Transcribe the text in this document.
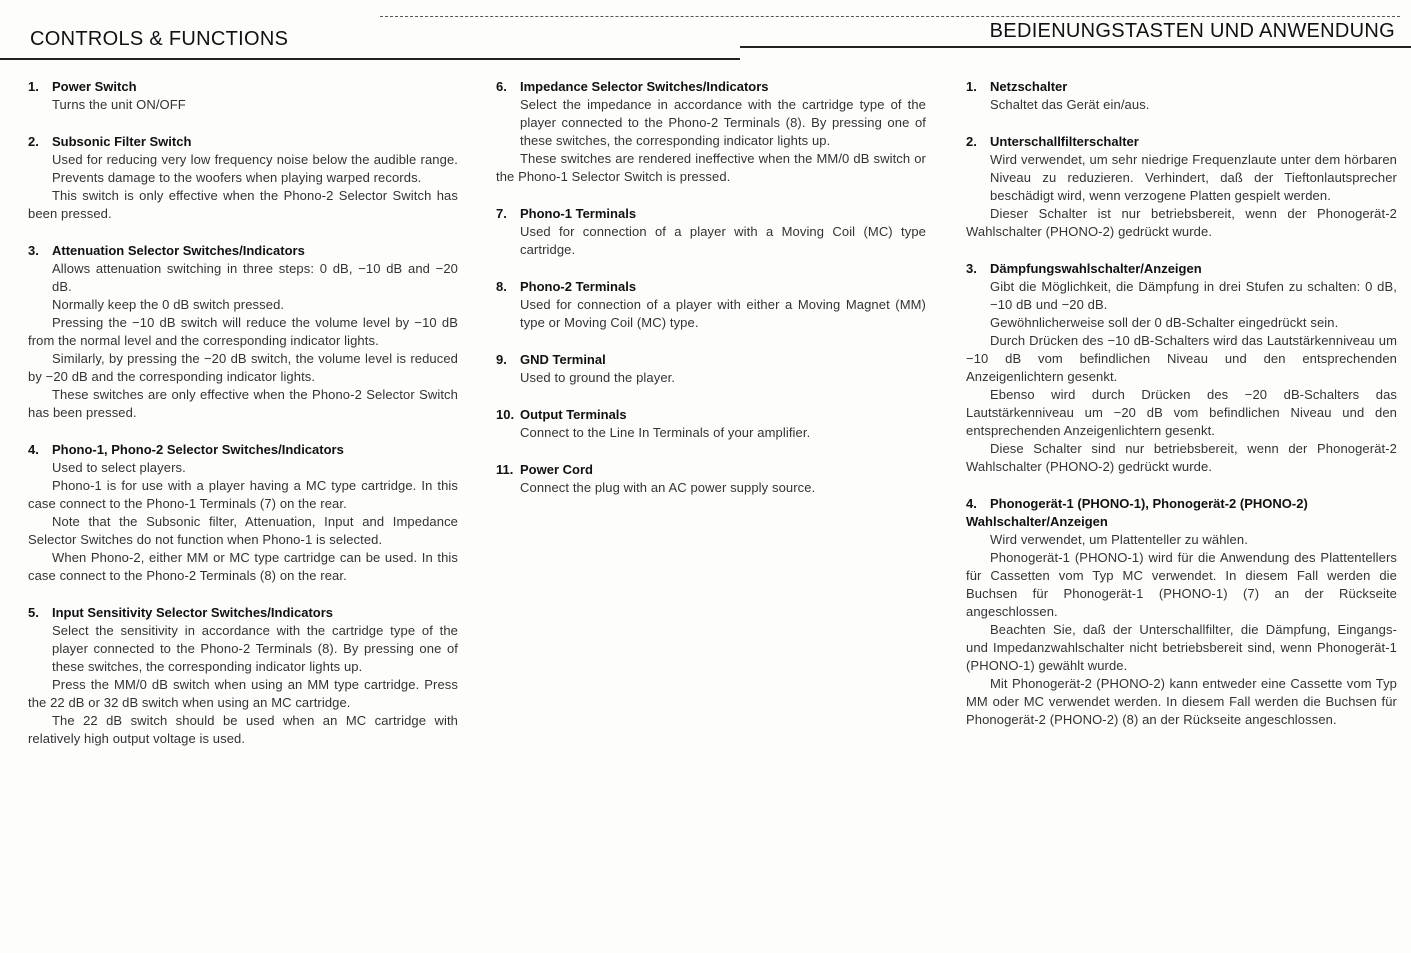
CONTROLS & FUNCTIONS	BEDIENUNGSTASTEN UND ANWENDUNG

1. Power Switch

Turns the unit ON/OFF

2. Subsonic Filter Switch

Used for reducing very low frequency noise below the audible range. Prevents damage to the woofers when playing warped records.

This switch is only effective when the Phono-2 Selector Switch has been pressed.

3. Attenuation Selector Switches/Indicators

Allows attenuation switching in three steps: 0 dB, −10 dB and −20 dB.

Normally keep the 0 dB switch pressed.

Pressing the −10 dB switch will reduce the volume level by −10 dB from the normal level and the corresponding indicator lights.

Similarly, by pressing the −20 dB switch, the volume level is reduced by −20 dB and the corresponding indicator lights.

These switches are only effective when the Phono-2 Selector Switch has been pressed.

4. Phono-1, Phono-2 Selector Switches/Indicators

Used to select players.

Phono-1 is for use with a player having a MC type cartridge. In this case connect to the Phono-1 Terminals (7) on the rear.

Note that the Subsonic filter, Attenuation, Input and Impedance Selector Switches do not function when Phono-1 is selected.

When Phono-2, either MM or MC type cartridge can be used. In this case connect to the Phono-2 Terminals (8) on the rear.

5. Input Sensitivity Selector Switches/Indicators

Select the sensitivity in accordance with the cartridge type of the player connected to the Phono-2 Terminals (8). By pressing one of these switches, the corresponding indicator lights up.

Press the MM/0 dB switch when using an MM type cartridge. Press the 22 dB or 32 dB switch when using an MC cartridge.

The 22 dB switch should be used when an MC cartridge with relatively high output voltage is used.

6. Impedance Selector Switches/Indicators

Select the impedance in accordance with the cartridge type of the player connected to the Phono-2 Terminals (8). By pressing one of these switches, the corresponding indicator lights up.

These switches are rendered ineffective when the MM/0 dB switch or the Phono-1 Selector Switch is pressed.

7. Phono-1 Terminals

Used for connection of a player with a Moving Coil (MC) type cartridge.

8. Phono-2 Terminals

Used for connection of a player with either a Moving Magnet (MM) type or Moving Coil (MC) type.

9. GND Terminal

Used to ground the player.

10. Output Terminals

Connect to the Line In Terminals of your amplifier.

11. Power Cord

Connect the plug with an AC power supply source.

1. Netzschalter

Schaltet das Gerät ein/aus.

2. Unterschallfilterschalter

Wird verwendet, um sehr niedrige Frequenzlaute unter dem hörbaren Niveau zu reduzieren. Verhindert, daß der Tieftonlautsprecher beschädigt wird, wenn verzogene Platten gespielt werden.

Dieser Schalter ist nur betriebsbereit, wenn der Phonogerät-2 Wahlschalter (PHONO-2) gedrückt wurde.

3. Dämpfungswahlschalter/Anzeigen

Gibt die Möglichkeit, die Dämpfung in drei Stufen zu schalten: 0 dB, −10 dB und −20 dB.

Gewöhnlicherweise soll der 0 dB-Schalter eingedrückt sein.

Durch Drücken des −10 dB-Schalters wird das Lautstärkenniveau um −10 dB vom befindlichen Niveau und den entsprechenden Anzeigenlichtern gesenkt.

Ebenso wird durch Drücken des −20 dB-Schalters das Lautstärkenniveau um −20 dB vom befindlichen Niveau und den entsprechenden Anzeigenlichtern gesenkt.

Diese Schalter sind nur betriebsbereit, wenn der Phonogerät-2 Wahlschalter (PHONO-2) gedrückt wurde.

4. Phonogerät-1 (PHONO-1), Phonogerät-2 (PHONO-2) Wahlschalter/Anzeigen

Wird verwendet, um Plattenteller zu wählen.

Phonogerät-1 (PHONO-1) wird für die Anwendung des Plattentellers für Cassetten vom Typ MC verwendet. In diesem Fall werden die Buchsen für Phonogerät-1 (PHONO-1) (7) an der Rückseite angeschlossen.

Beachten Sie, daß der Unterschallfilter, die Dämpfung, Eingangs- und Impedanzwahlschalter nicht betriebsbereit sind, wenn Phonogerät-1 (PHONO-1) gewählt wurde.

Mit Phonogerät-2 (PHONO-2) kann entweder eine Cassette vom Typ MM oder MC verwendet werden. In diesem Fall werden die Buchsen für Phonogerät-2 (PHONO-2) (8) an der Rückseite angeschlossen.
